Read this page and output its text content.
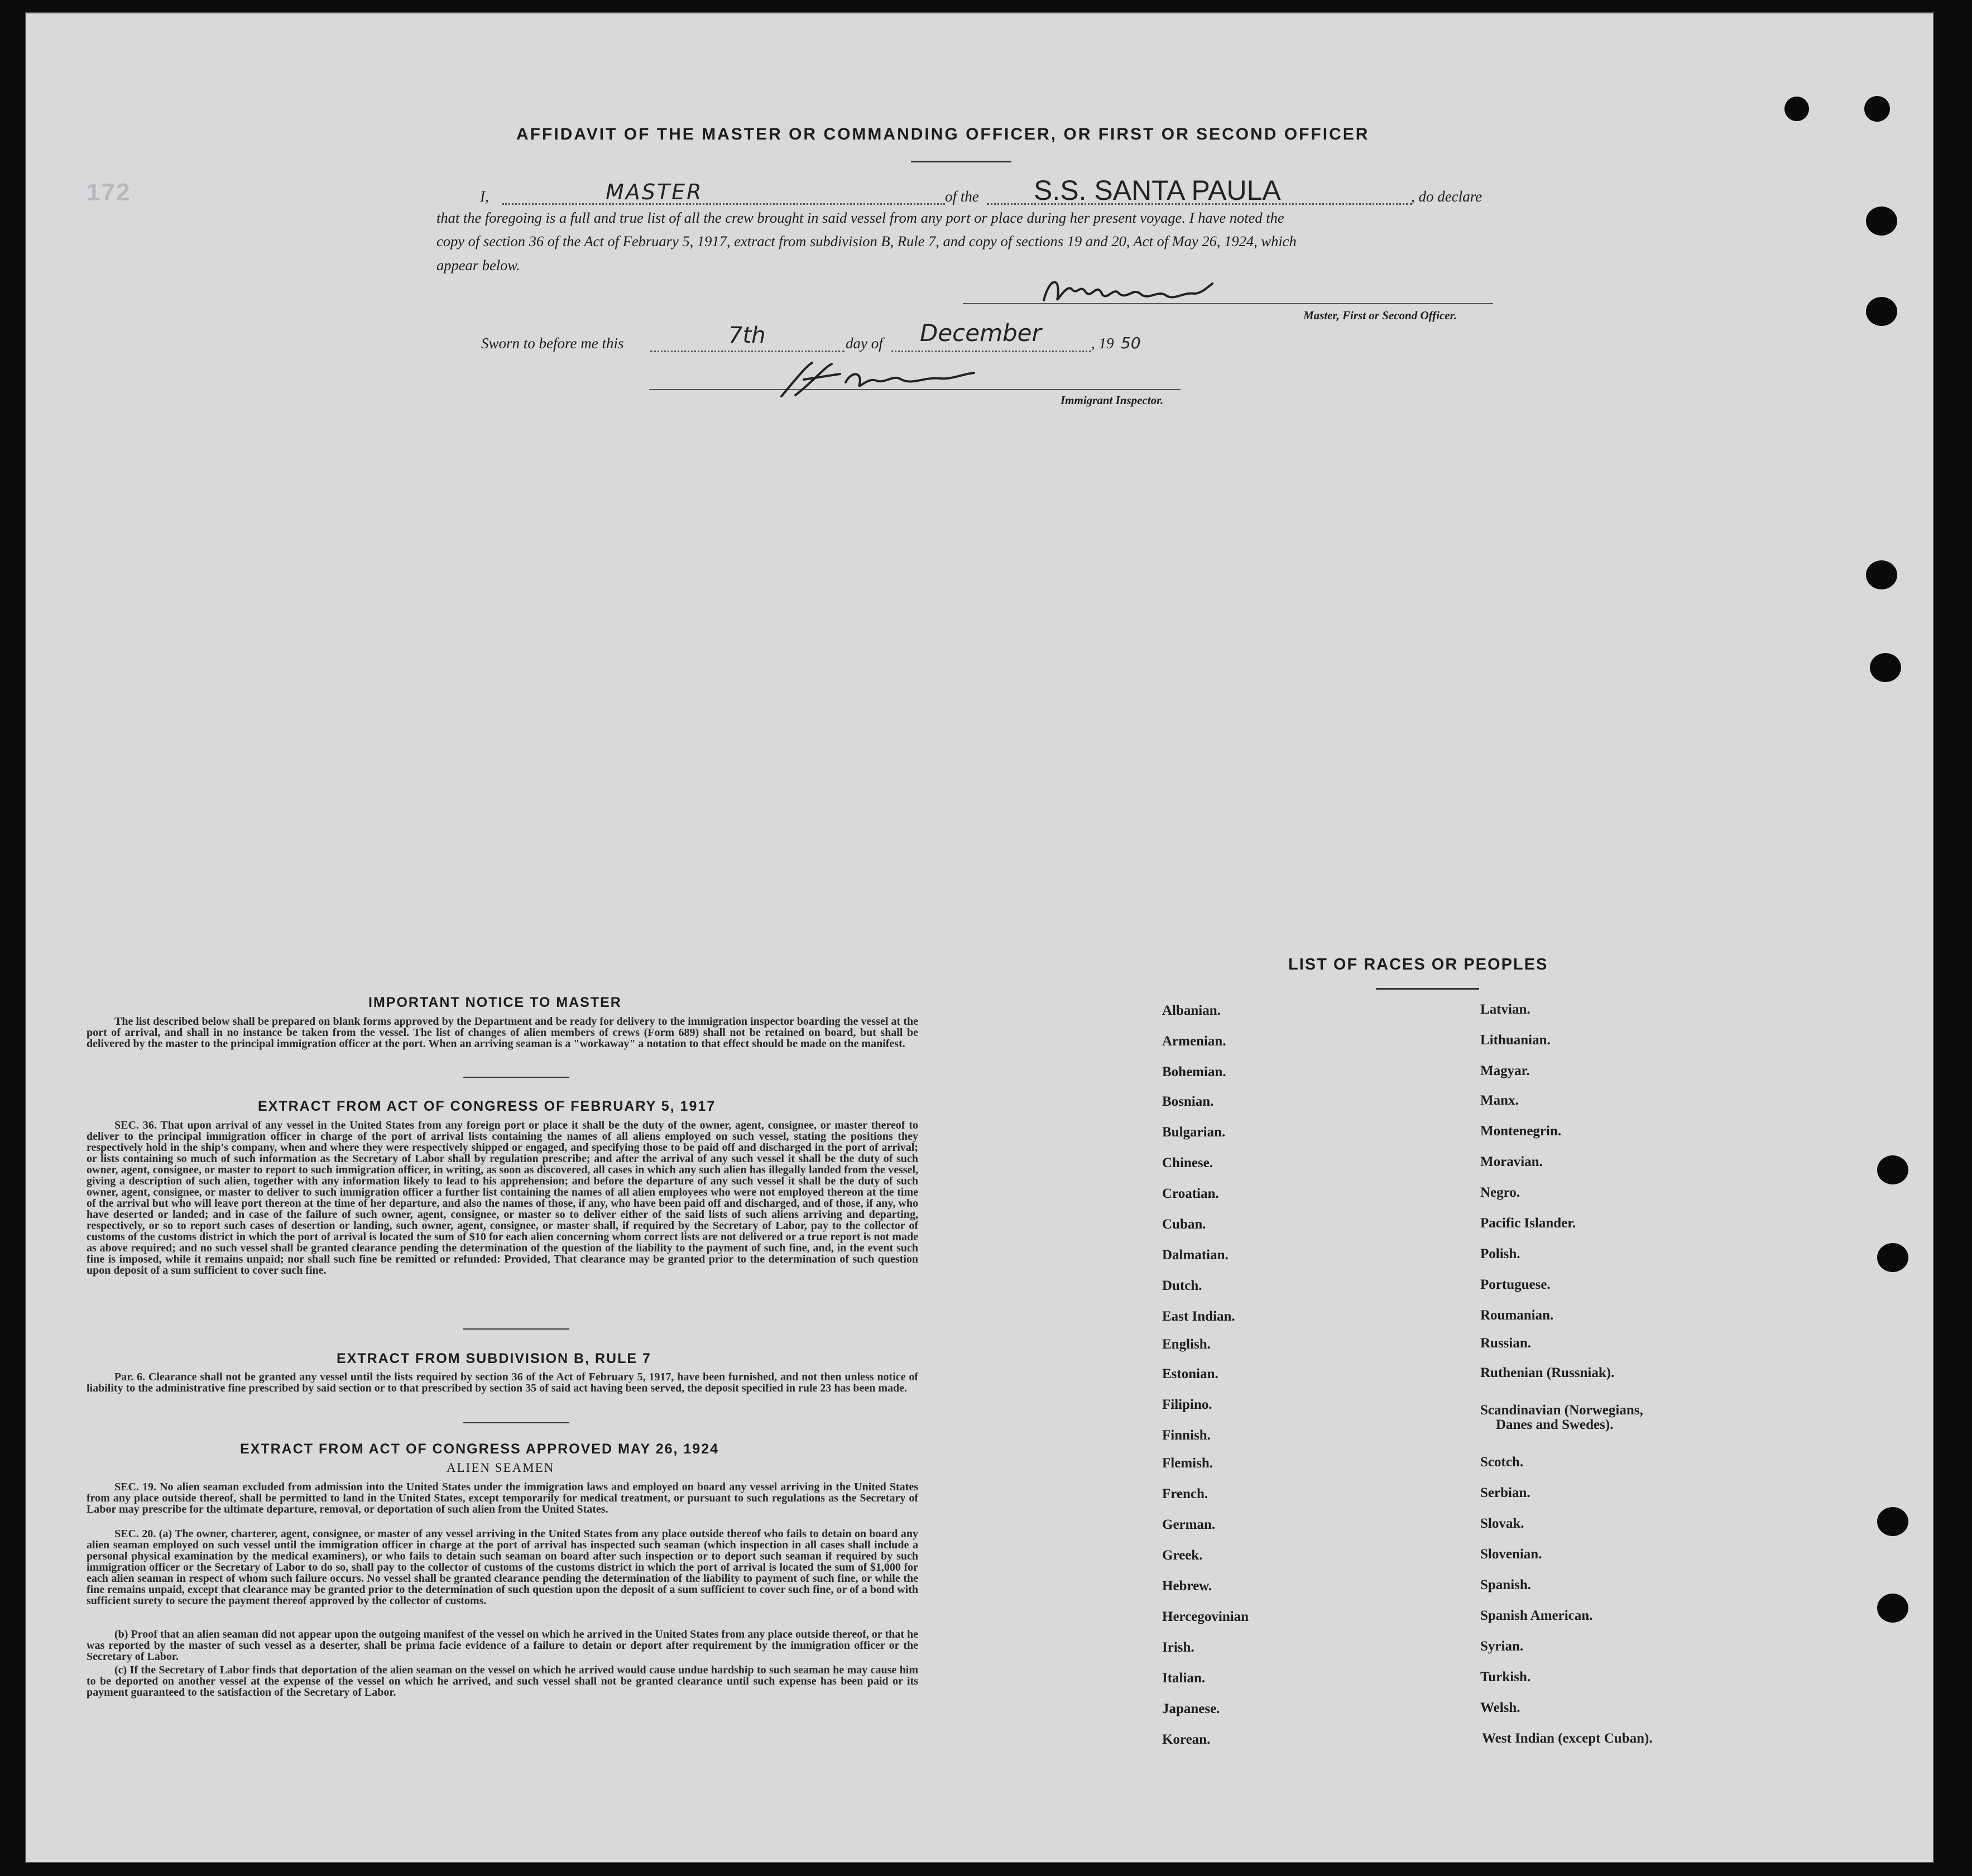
172
AFFIDAVIT OF THE MASTER OR COMMANDING OFFICER, OR FIRST OR SECOND OFFICER
I,	MASTER	of the S.S. SANTA PAULA	, do declare
that the foregoing is a full and true list of all the crew brought in said vessel from any port or place during her present voyage. I have noted the
copy of section 36 of the Act of February 5, 1917, extract from subdivision B, Rule 7, and copy of sections 19 and 20, Act of May 26, 1924, which
appear below.
Master, First or Second Officer.
Sworn to before me this	7th	day of December	, 19 50
Immigrant Inspector.
IMPORTANT NOTICE TO MASTER
The list described below shall be prepared on blank forms approved by the Department and be ready for delivery to the immigration inspector boarding the vessel at the port of arrival, and shall in no instance be taken from the vessel. The list of changes of alien members of crews (Form 689) shall not be retained on board, but shall be delivered by the master to the principal immigration officer at the port. When an arriving seaman is a "workaway" a notation to that effect should be made on the manifest.
EXTRACT FROM ACT OF CONGRESS OF FEBRUARY 5, 1917
SEC. 36. That upon arrival of any vessel in the United States from any foreign port or place it shall be the duty of the owner, agent, consignee, or master thereof to deliver to the principal immigration officer in charge of the port of arrival lists containing the names of all aliens employed on such vessel, stating the positions they respectively hold in the ship's company, when and where they were respectively shipped or engaged, and specifying those to be paid off and discharged in the port of arrival; or lists containing so much of such information as the Secretary of Labor shall by regulation prescribe; and after the arrival of any such vessel it shall be the duty of such owner, agent, consignee, or master to report to such immigration officer, in writing, as soon as discovered, all cases in which any such alien has illegally landed from the vessel, giving a description of such alien, together with any information likely to lead to his apprehension; and before the departure of any such vessel it shall be the duty of such owner, agent, consignee, or master to deliver to such immigration officer a further list containing the names of all alien employees who were not employed thereon at the time of the arrival but who will leave port thereon at the time of her departure, and also the names of those, if any, who have been paid off and discharged, and of those, if any, who have deserted or landed; and in case of the failure of such owner, agent, consignee, or master so to deliver either of the said lists of such aliens arriving and departing, respectively, or so to report such cases of desertion or landing, such owner, agent, consignee, or master shall, if required by the Secretary of Labor, pay to the collector of customs of the customs district in which the port of arrival is located the sum of $10 for each alien concerning whom correct lists are not delivered or a true report is not made as above required; and no such vessel shall be granted clearance pending the determination of the question of the liability to the payment of such fine, and, in the event such fine is imposed, while it remains unpaid; nor shall such fine be remitted or refunded: Provided, That clearance may be granted prior to the determination of such question upon deposit of a sum sufficient to cover such fine.
EXTRACT FROM SUBDIVISION B, RULE 7
Par. 6. Clearance shall not be granted any vessel until the lists required by section 36 of the Act of February 5, 1917, have been furnished, and not then unless notice of liability to the administrative fine prescribed by said section or to that prescribed by section 35 of said act having been served, the deposit specified in rule 23 has been made.
EXTRACT FROM ACT OF CONGRESS APPROVED MAY 26, 1924
ALIEN SEAMEN
SEC. 19. No alien seaman excluded from admission into the United States under the immigration laws and employed on board any vessel arriving in the United States from any place outside thereof, shall be permitted to land in the United States, except temporarily for medical treatment, or pursuant to such regulations as the Secretary of Labor may prescribe for the ultimate departure, removal, or deportation of such alien from the United States.
SEC. 20. (a) The owner, charterer, agent, consignee, or master of any vessel arriving in the United States from any place outside thereof who fails to detain on board any alien seaman employed on such vessel until the immigration officer in charge at the port of arrival has inspected such seaman (which inspection in all cases shall include a personal physical examination by the medical examiners), or who fails to detain such seaman on board after such inspection or to deport such seaman if required by such immigration officer or the Secretary of Labor to do so, shall pay to the collector of customs of the customs district in which the port of arrival is located the sum of $1,000 for each alien seaman in respect of whom such failure occurs. No vessel shall be granted clearance pending the determination of the liability to payment of such fine, or while the fine remains unpaid, except that clearance may be granted prior to the determination of such question upon the deposit of a sum sufficient to cover such fine, or of a bond with sufficient surety to secure the payment thereof approved by the collector of customs.
(b) Proof that an alien seaman did not appear upon the outgoing manifest of the vessel on which he arrived in the United States from any place outside thereof, or that he was reported by the master of such vessel as a deserter, shall be prima facie evidence of a failure to detain or deport after requirement by the immigration officer or the Secretary of Labor.
(c) If the Secretary of Labor finds that deportation of the alien seaman on the vessel on which he arrived would cause undue hardship to such seaman he may cause him to be deported on another vessel at the expense of the vessel on which he arrived, and such vessel shall not be granted clearance until such expense has been paid or its payment guaranteed to the satisfaction of the Secretary of Labor.
LIST OF RACES OR PEOPLES
Albanian.
Armenian.
Bohemian.
Bosnian.
Bulgarian.
Chinese.
Croatian.
Cuban.
Dalmatian.
Dutch.
East Indian.
English.
Estonian.
Filipino.
Finnish.
Flemish.
French.
German.
Greek.
Hebrew.
Hercegovinian
Irish.
Italian.
Japanese.
Korean.
Latvian.
Lithuanian.
Magyar.
Manx.
Montenegrin.
Moravian.
Negro.
Pacific Islander.
Polish.
Portuguese.
Roumanian.
Russian.
Ruthenian (Russniak).
Scandinavian (Norwegians,
Danes and Swedes).
Scotch.
Serbian.
Slovak.
Slovenian.
Spanish.
Spanish American.
Syrian.
Turkish.
Welsh.
West Indian (except Cuban).
